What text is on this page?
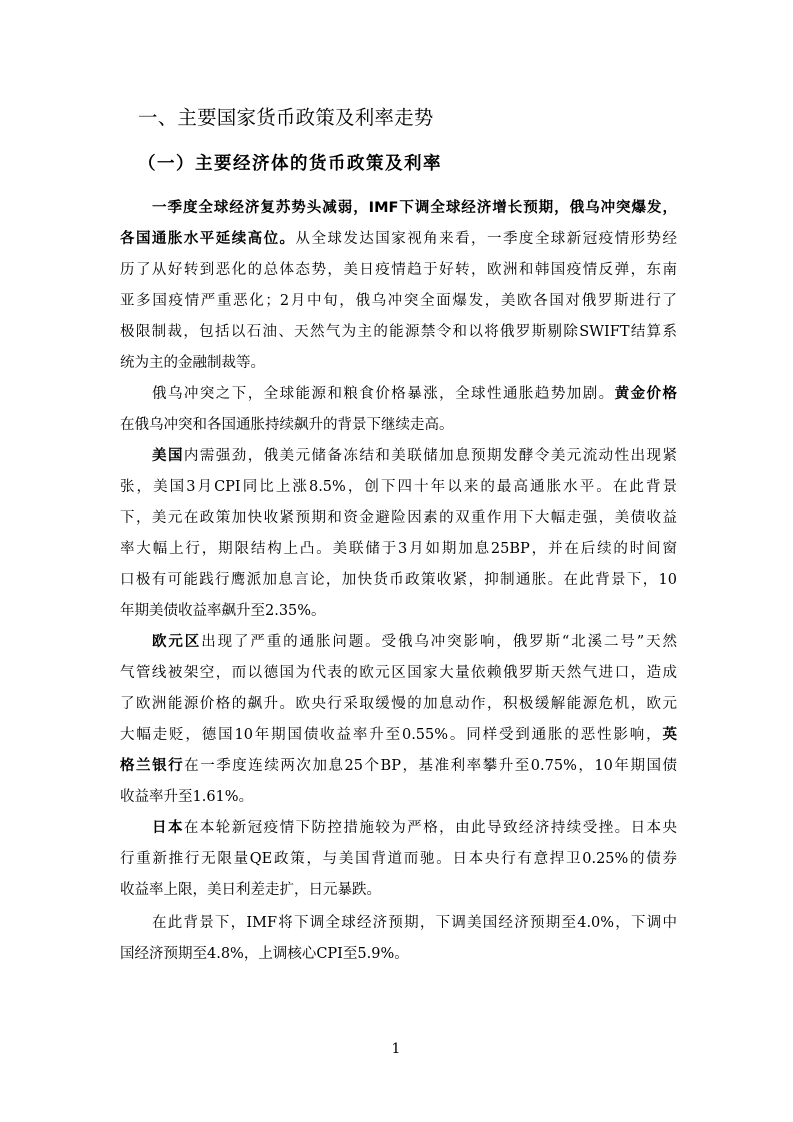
一、主要国家货币政策及利率走势
（一）主要经济体的货币政策及利率
一季度全球经济复苏势头减弱，IMF下调全球经济增长预期，俄乌冲突爆发，
各国通胀水平延续高位。从全球发达国家视角来看，一季度全球新冠疫情形势经
历了从好转到恶化的总体态势，美日疫情趋于好转，欧洲和韩国疫情反弹，东南
亚多国疫情严重恶化；2月中旬，俄乌冲突全面爆发，美欧各国对俄罗斯进行了
极限制裁，包括以石油、天然气为主的能源禁令和以将俄罗斯剔除SWIFT结算系
统为主的金融制裁等。
俄乌冲突之下，全球能源和粮食价格暴涨，全球性通胀趋势加剧。黄金价格
在俄乌冲突和各国通胀持续飙升的背景下继续走高。
美国内需强劲，俄美元储备冻结和美联储加息预期发酵令美元流动性出现紧
张，美国3月CPI同比上涨8.5%，创下四十年以来的最高通胀水平。在此背景
下，美元在政策加快收紧预期和资金避险因素的双重作用下大幅走强，美债收益
率大幅上行，期限结构上凸。美联储于3月如期加息25BP，并在后续的时间窗
口极有可能践行鹰派加息言论，加快货币政策收紧，抑制通胀。在此背景下，10
年期美债收益率飙升至2.35%。
欧元区出现了严重的通胀问题。受俄乌冲突影响，俄罗斯“北溪二号”天然
气管线被架空，而以德国为代表的欧元区国家大量依赖俄罗斯天然气进口，造成
了欧洲能源价格的飙升。欧央行采取缓慢的加息动作，积极缓解能源危机，欧元
大幅走贬，德国10年期国债收益率升至0.55%。同样受到通胀的恶性影响，英
格兰银行在一季度连续两次加息25个BP，基准利率攀升至0.75%，10年期国债
收益率升至1.61%。
日本在本轮新冠疫情下防控措施较为严格，由此导致经济持续受挫。日本央
行重新推行无限量QE政策，与美国背道而驰。日本央行有意捍卫0.25%的债券
收益率上限，美日利差走扩，日元暴跌。
在此背景下，IMF将下调全球经济预期，下调美国经济预期至4.0%，下调中
国经济预期至4.8%，上调核心CPI至5.9%。
1
